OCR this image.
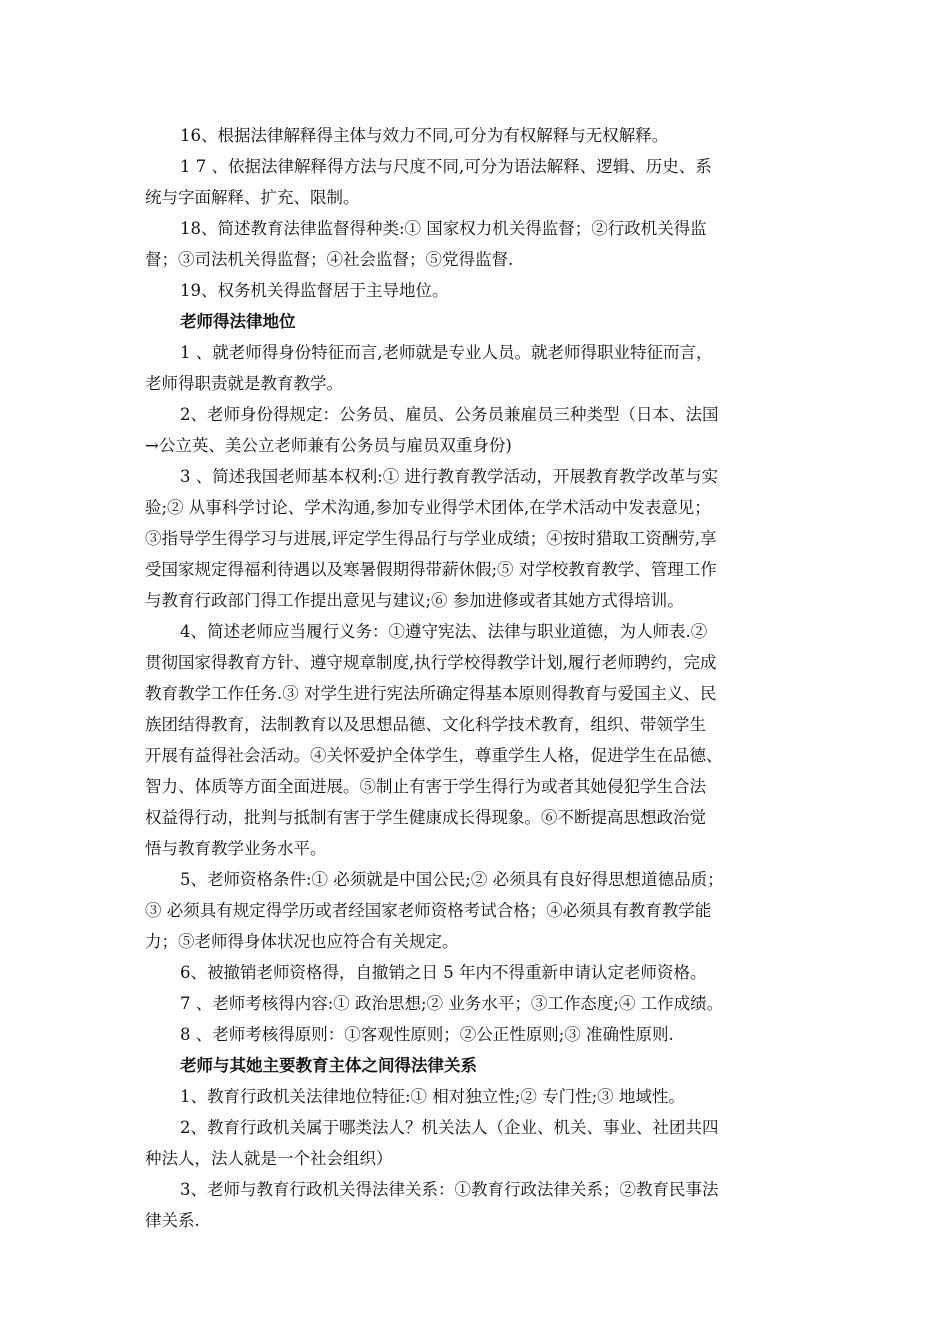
16、根据法律解释得主体与效力不同,可分为有权解释与无权解释。
1 7 、依据法律解释得方法与尺度不同,可分为语法解释、逻辑、历史、系
统与字面解释、扩充、限制。
18、简述教育法律监督得种类:① 国家权力机关得监督；②行政机关得监
督；③司法机关得监督；④社会监督；⑤党得监督.
19、权务机关得监督居于主导地位。
老师得法律地位
1 、就老师得身份特征而言,老师就是专业人员。就老师得职业特征而言，
老师得职责就是教育教学。
2、老师身份得规定：公务员、雇员、公务员兼雇员三种类型（日本、法国
→公立英、美公立老师兼有公务员与雇员双重身份)
3 、简述我国老师基本权利:① 进行教育教学活动，开展教育教学改革与实
验;② 从事科学讨论、学术沟通,参加专业得学术团体,在学术活动中发表意见；
③指导学生得学习与进展,评定学生得品行与学业成绩；④按时猎取工资酬劳,享
受国家规定得福利待遇以及寒暑假期得带薪休假;⑤ 对学校教育教学、管理工作
与教育行政部门得工作提出意见与建议;⑥ 参加进修或者其她方式得培训。
4、简述老师应当履行义务：①遵守宪法、法律与职业道德，为人师表.②
贯彻国家得教育方针、遵守规章制度,执行学校得教学计划,履行老师聘约，完成
教育教学工作任务.③ 对学生进行宪法所确定得基本原则得教育与爱国主义、民
族团结得教育，法制教育以及思想品德、文化科学技术教育，组织、带领学生
开展有益得社会活动。④关怀爱护全体学生，尊重学生人格，促进学生在品德、
智力、体质等方面全面进展。⑤制止有害于学生得行为或者其她侵犯学生合法
权益得行动，批判与抵制有害于学生健康成长得现象。⑥不断提高思想政治觉
悟与教育教学业务水平。
5、老师资格条件:① 必须就是中国公民;② 必须具有良好得思想道德品质；
③ 必须具有规定得学历或者经国家老师资格考试合格；④必须具有教育教学能
力；⑤老师得身体状况也应符合有关规定。
6、被撤销老师资格得，自撤销之日 5 年内不得重新申请认定老师资格。
7 、老师考核得内容:① 政治思想;② 业务水平；③工作态度;④ 工作成绩。
8 、老师考核得原则：①客观性原则；②公正性原则;③ 准确性原则.
老师与其她主要教育主体之间得法律关系
1、教育行政机关法律地位特征:① 相对独立性;② 专门性;③ 地域性。
2、教育行政机关属于哪类法人？机关法人（企业、机关、事业、社团共四
种法人，法人就是一个社会组织）
3、老师与教育行政机关得法律关系：①教育行政法律关系；②教育民事法
律关系.
